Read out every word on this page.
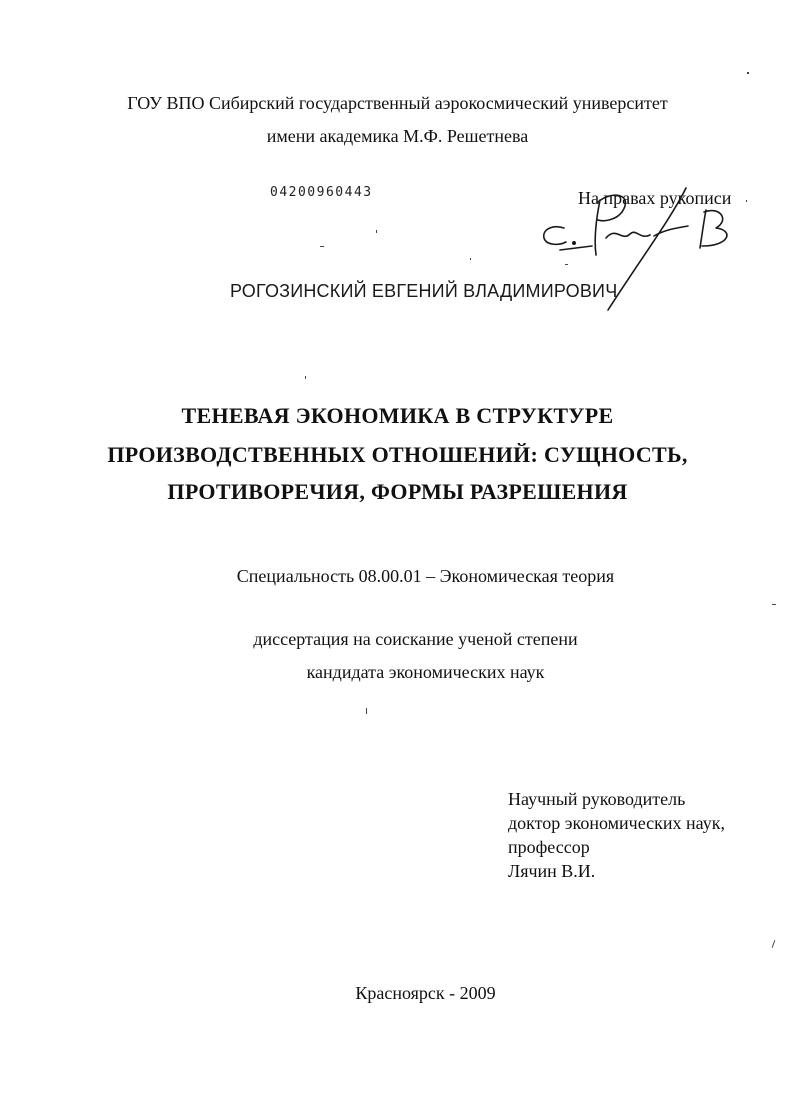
ГОУ ВПО Сибирский государственный аэрокосмический университет
имени академика М.Ф. Решетнева
04200960443	На правах рукописи
РОГОЗИНСКИЙ ЕВГЕНИЙ ВЛАДИМИРОВИЧ
ТЕНЕВАЯ ЭКОНОМИКА В СТРУКТУРЕ
ПРОИЗВОДСТВЕННЫХ ОТНОШЕНИЙ: СУЩНОСТЬ,
ПРОТИВОРЕЧИЯ, ФОРМЫ РАЗРЕШЕНИЯ
Специальность 08.00.01 – Экономическая теория
диссертация на соискание ученой степени
кандидата экономических наук
Научный руководитель
доктор экономических наук,
профессор
Лячин В.И.
Красноярск - 2009
